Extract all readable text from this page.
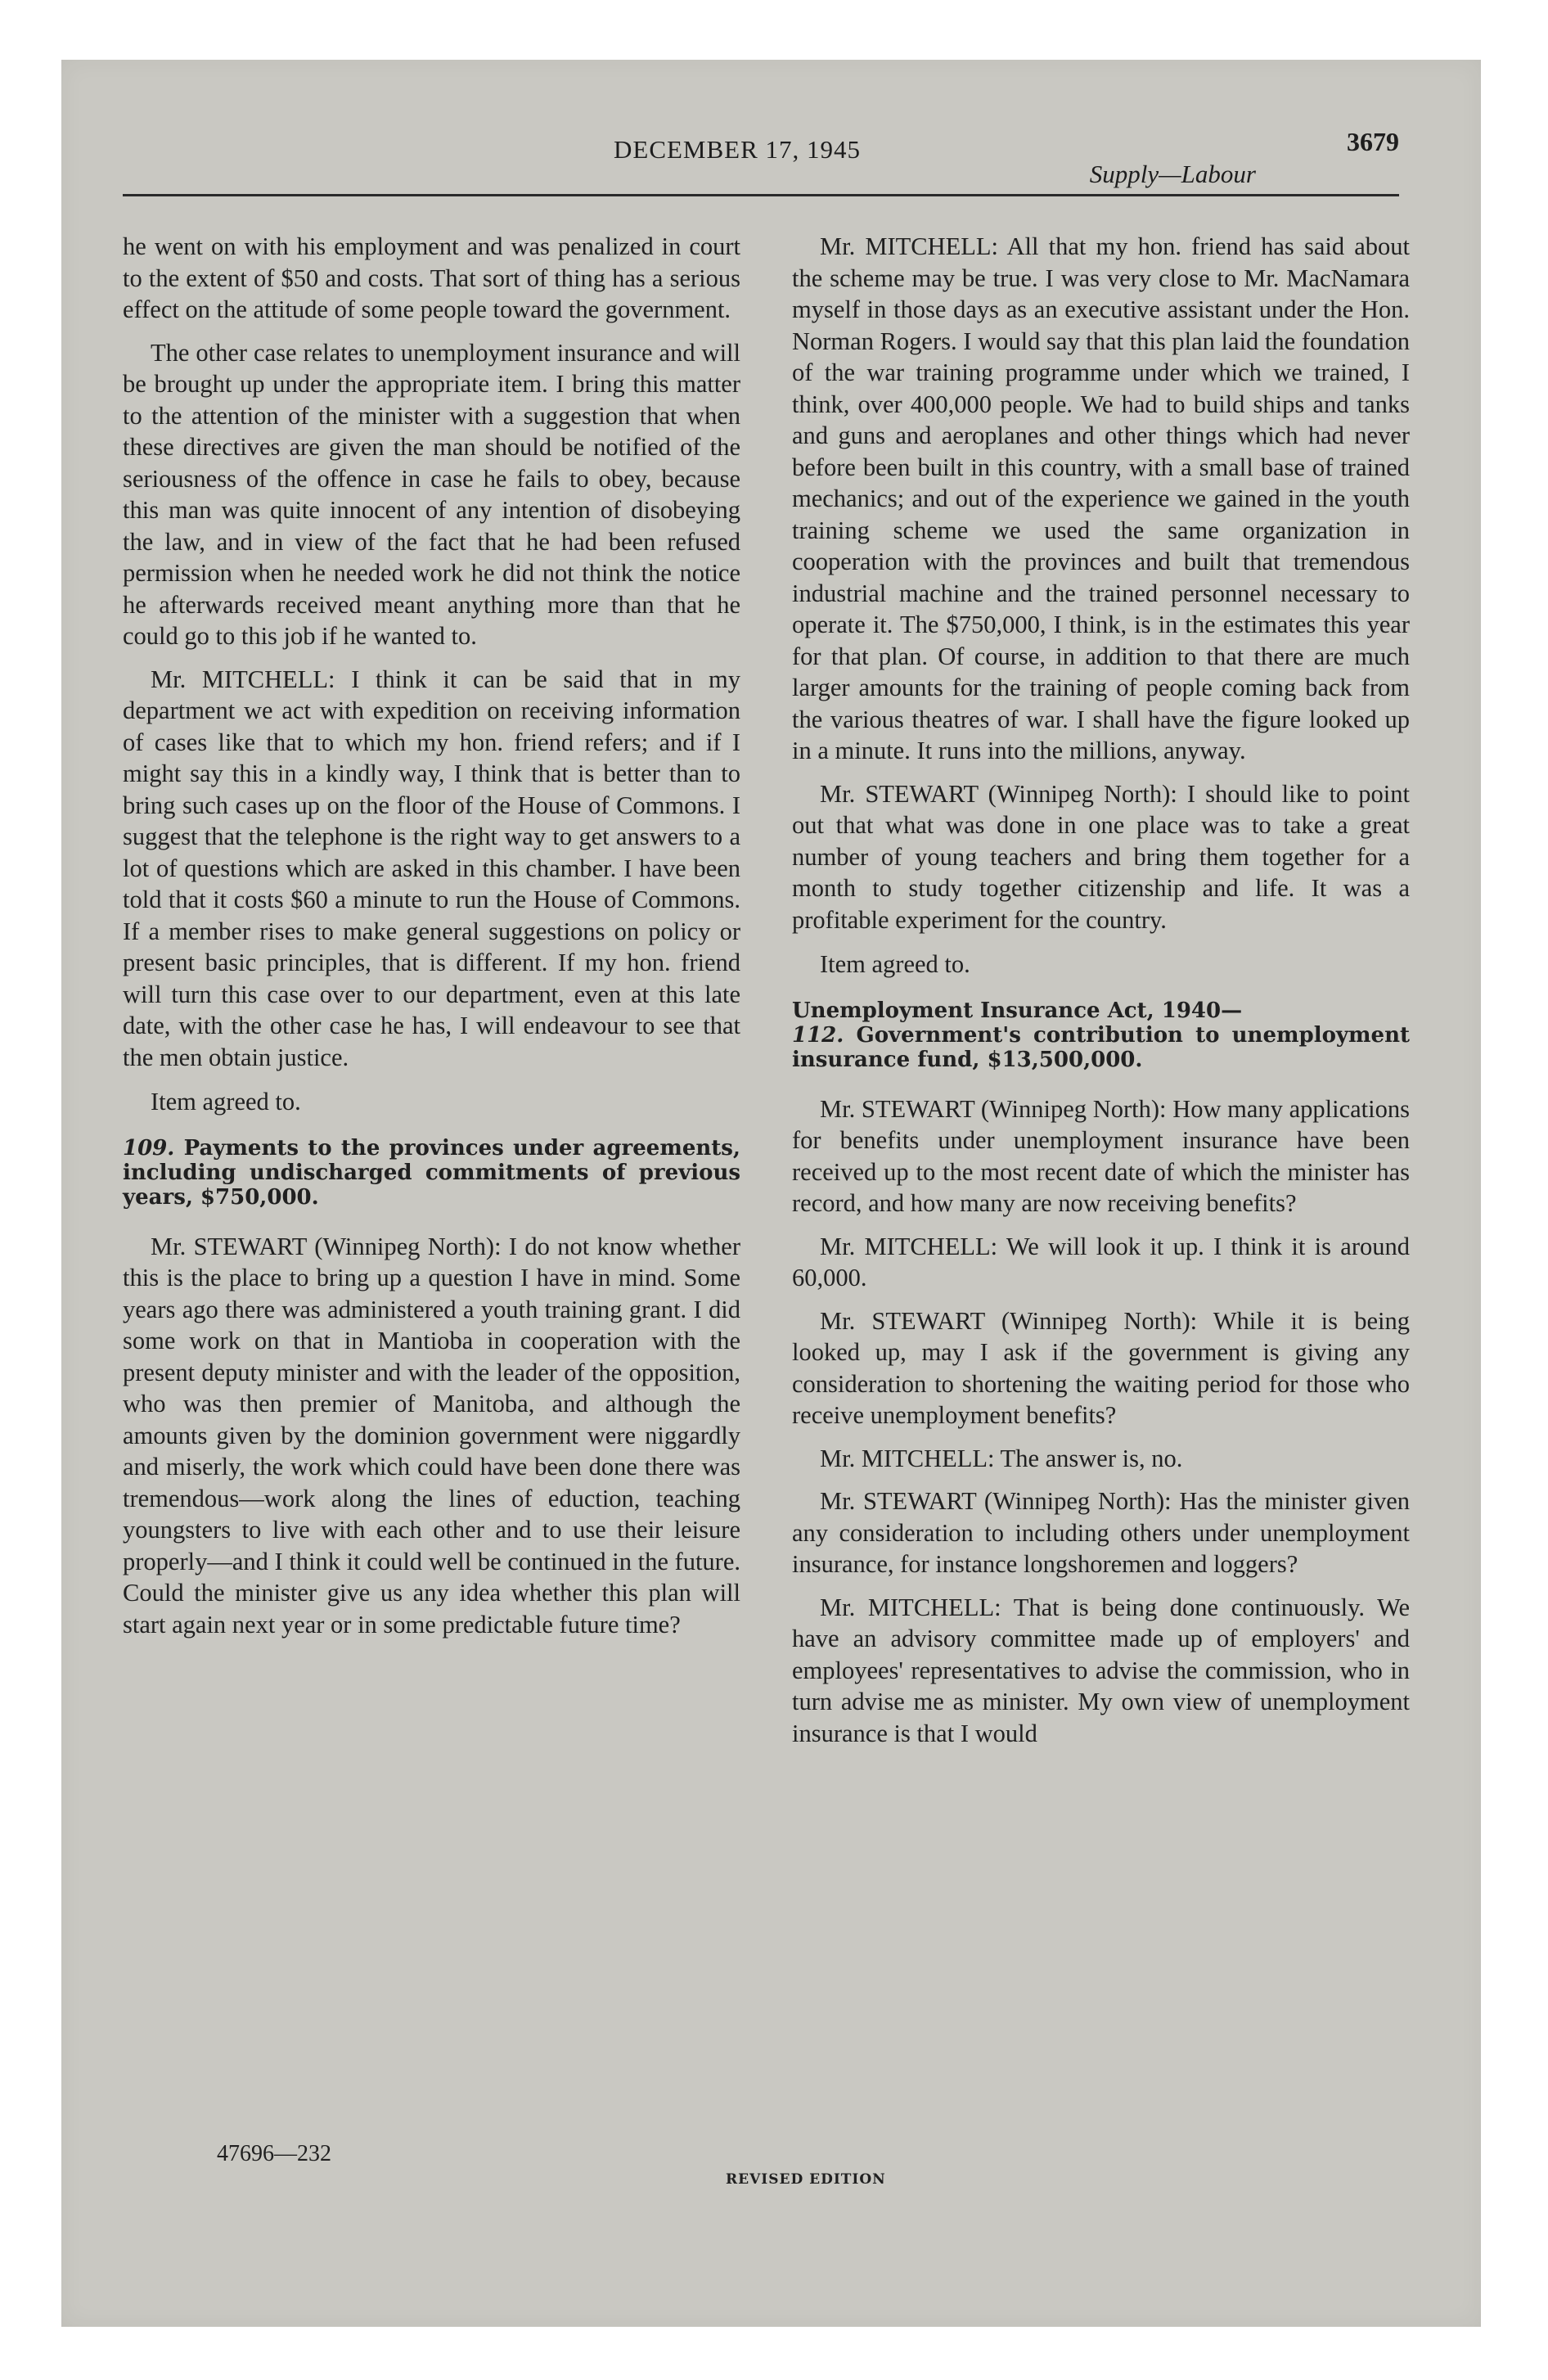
DECEMBER 17, 1945	3679
Supply—Labour

he went on with his employment and was penalized in court to the extent of $50 and costs. That sort of thing has a serious effect on the attitude of some people toward the government.

The other case relates to unemployment insurance and will be brought up under the appropriate item. I bring this matter to the attention of the minister with a suggestion that when these directives are given the man should be notified of the seriousness of the offence in case he fails to obey, because this man was quite innocent of any intention of disobeying the law, and in view of the fact that he had been refused permission when he needed work he did not think the notice he afterwards received meant anything more than that he could go to this job if he wanted to.

Mr. MITCHELL: I think it can be said that in my department we act with expedition on receiving information of cases like that to which my hon. friend refers; and if I might say this in a kindly way, I think that is better than to bring such cases up on the floor of the House of Commons. I suggest that the telephone is the right way to get answers to a lot of questions which are asked in this chamber. I have been told that it costs $60 a minute to run the House of Commons. If a member rises to make general suggestions on policy or present basic principles, that is different. If my hon. friend will turn this case over to our department, even at this late date, with the other case he has, I will endeavour to see that the men obtain justice.

Item agreed to.

109. Payments to the provinces under agreements, including undischarged commitments of previous years, $750,000.

Mr. STEWART (Winnipeg North): I do not know whether this is the place to bring up a question I have in mind. Some years ago there was administered a youth training grant. I did some work on that in Mantioba in cooperation with the present deputy minister and with the leader of the opposition, who was then premier of Manitoba, and although the amounts given by the dominion government were niggardly and miserly, the work which could have been done there was tremendous—work along the lines of eduction, teaching youngsters to live with each other and to use their leisure properly—and I think it could well be continued in the future. Could the minister give us any idea whether this plan will start again next year or in some predictable future time?

Mr. MITCHELL: All that my hon. friend has said about the scheme may be true. I was very close to Mr. MacNamara myself in those days as an executive assistant under the Hon. Norman Rogers. I would say that this plan laid the foundation of the war training programme under which we trained, I think, over 400,000 people. We had to build ships and tanks and guns and aeroplanes and other things which had never before been built in this country, with a small base of trained mechanics; and out of the experience we gained in the youth training scheme we used the same organization in cooperation with the provinces and built that tremendous industrial machine and the trained personnel necessary to operate it. The $750,000, I think, is in the estimates this year for that plan. Of course, in addition to that there are much larger amounts for the training of people coming back from the various theatres of war. I shall have the figure looked up in a minute. It runs into the millions, anyway.

Mr. STEWART (Winnipeg North): I should like to point out that what was done in one place was to take a great number of young teachers and bring them together for a month to study together citizenship and life. It was a profitable experiment for the country.

Item agreed to.

Unemployment Insurance Act, 1940—
112. Government's contribution to unemployment insurance fund, $13,500,000.

Mr. STEWART (Winnipeg North): How many applications for benefits under unemployment insurance have been received up to the most recent date of which the minister has record, and how many are now receiving benefits?

Mr. MITCHELL: We will look it up. I think it is around 60,000.

Mr. STEWART (Winnipeg North): While it is being looked up, may I ask if the government is giving any consideration to shortening the waiting period for those who receive unemployment benefits?

Mr. MITCHELL: The answer is, no.

Mr. STEWART (Winnipeg North): Has the minister given any consideration to including others under unemployment insurance, for instance longshoremen and loggers?

Mr. MITCHELL: That is being done continuously. We have an advisory committee made up of employers' and employees' representatives to advise the commission, who in turn advise me as minister. My own view of unemployment insurance is that I would

47696—232
REVISED EDITION
